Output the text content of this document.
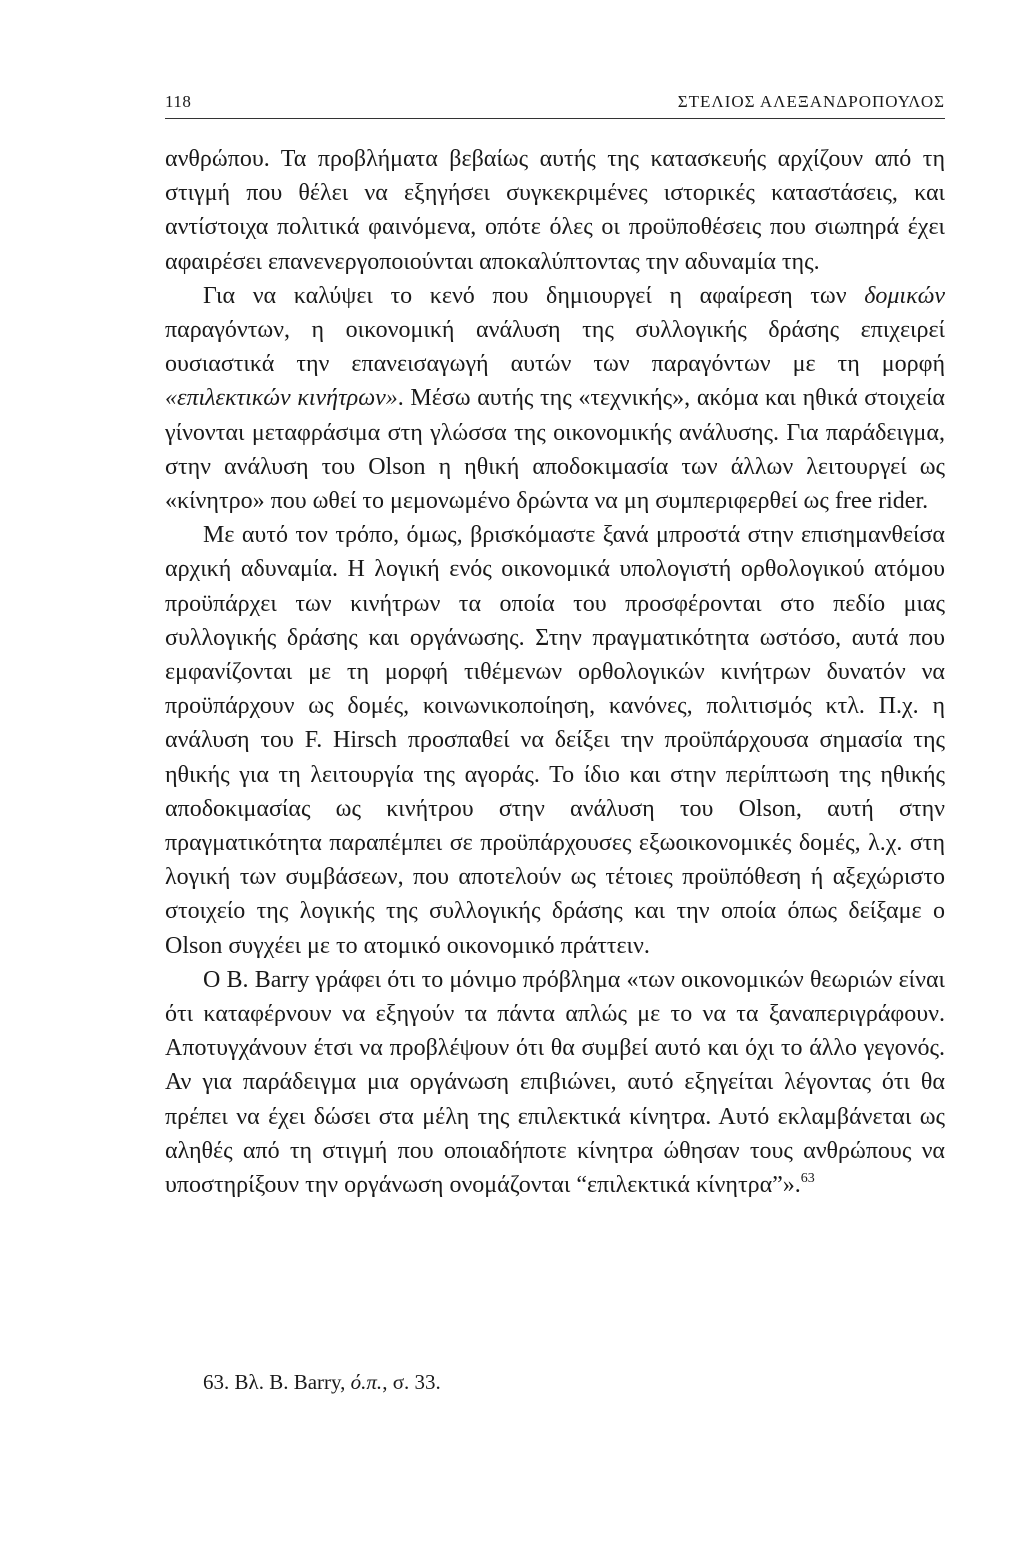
118	ΣΤΕΛΙΟΣ ΑΛΕΞΑΝΔΡΟΠΟΥΛΟΣ

ανθρώπου. Τα προβλήματα βεβαίως αυτής της κατασκευής αρχίζουν από τη στιγμή που θέλει να εξηγήσει συγκεκριμένες ιστορικές καταστάσεις, και αντίστοιχα πολιτικά φαινόμενα, οπότε όλες οι προϋποθέσεις που σιωπηρά έχει αφαιρέσει επανενεργοποιούνται αποκαλύπτοντας την αδυναμία της.

Για να καλύψει το κενό που δημιουργεί η αφαίρεση των δομικών παραγόντων, η οικονομική ανάλυση της συλλογικής δράσης επιχειρεί ουσιαστικά την επανεισαγωγή αυτών των παραγόντων με τη μορφή «επιλεκτικών κινήτρων». Μέσω αυτής της «τεχνικής», ακόμα και ηθικά στοιχεία γίνονται μεταφράσιμα στη γλώσσα της οικονομικής ανάλυσης. Για παράδειγμα, στην ανάλυση του Olson η ηθική αποδοκιμασία των άλλων λειτουργεί ως «κίνητρο» που ωθεί το μεμονωμένο δρώντα να μη συμπεριφερθεί ως free rider.

Με αυτό τον τρόπο, όμως, βρισκόμαστε ξανά μπροστά στην επισημανθείσα αρχική αδυναμία. Η λογική ενός οικονομικά υπολογιστή ορθολογικού ατόμου προϋπάρχει των κινήτρων τα οποία του προσφέρονται στο πεδίο μιας συλλογικής δράσης και οργάνωσης. Στην πραγματικότητα ωστόσο, αυτά που εμφανίζονται με τη μορφή τιθέμενων ορθολογικών κινήτρων δυνατόν να προϋπάρχουν ως δομές, κοινωνικοποίηση, κανόνες, πολιτισμός κτλ. Π.χ. η ανάλυση του F. Hirsch προσπαθεί να δείξει την προϋπάρχουσα σημασία της ηθικής για τη λειτουργία της αγοράς. Το ίδιο και στην περίπτωση της ηθικής αποδοκιμασίας ως κινήτρου στην ανάλυση του Olson, αυτή στην πραγματικότητα παραπέμπει σε προϋπάρχουσες εξωοικονομικές δομές, λ.χ. στη λογική των συμβάσεων, που αποτελούν ως τέτοιες προϋπόθεση ή αξεχώριστο στοιχείο της λογικής της συλλογικής δράσης και την οποία όπως δείξαμε ο Olson συγχέει με το ατομικό οικονομικό πράττειν.

Ο Β. Barry γράφει ότι το μόνιμο πρόβλημα «των οικονομικών θεωριών είναι ότι καταφέρνουν να εξηγούν τα πάντα απλώς με το να τα ξαναπεριγράφουν. Αποτυγχάνουν έτσι να προβλέψουν ότι θα συμβεί αυτό και όχι το άλλο γεγονός. Αν για παράδειγμα μια οργάνωση επιβιώνει, αυτό εξηγείται λέγοντας ότι θα πρέπει να έχει δώσει στα μέλη της επιλεκτικά κίνητρα. Αυτό εκλαμβάνεται ως αληθές από τη στιγμή που οποιαδήποτε κίνητρα ώθησαν τους ανθρώπους να υποστηρίξουν την οργάνωση ονομάζονται “επιλεκτικά κίνητρα”».$^{63}$

63. Βλ. Β. Barry, ό.π., σ. 33.
